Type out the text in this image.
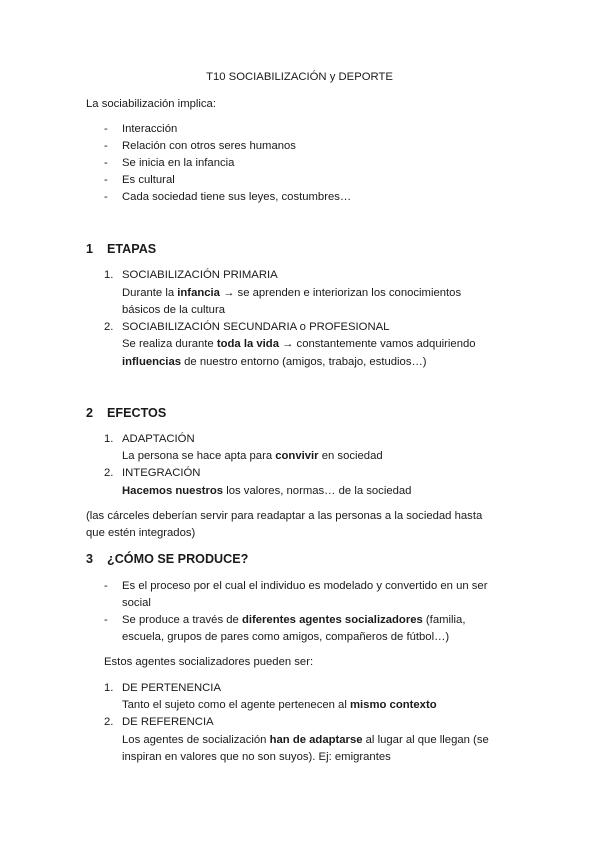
T10 SOCIABILIZACIÓN y DEPORTE
La sociabilización implica:
- Interacción
- Relación con otros seres humanos
- Se inicia en la infancia
- Es cultural
- Cada sociedad tiene sus leyes, costumbres…
1 ETAPAS
1. SOCIABILIZACIÓN PRIMARIA
Durante la infancia → se aprenden e interiorizan los conocimientos
básicos de la cultura
2. SOCIABILIZACIÓN SECUNDARIA o PROFESIONAL
Se realiza durante toda la vida → constantemente vamos adquiriendo
influencias de nuestro entorno (amigos, trabajo, estudios…)
2 EFECTOS
1. ADAPTACIÓN
La persona se hace apta para convivir en sociedad
2. INTEGRACIÓN
Hacemos nuestros los valores, normas… de la sociedad
(las cárceles deberían servir para readaptar a las personas a la sociedad hasta
que estén integrados)
3 ¿CÓMO SE PRODUCE?
- Es el proceso por el cual el individuo es modelado y convertido en un ser
social
- Se produce a través de diferentes agentes socializadores (familia,
escuela, grupos de pares como amigos, compañeros de fútbol…)
Estos agentes socializadores pueden ser:
1. DE PERTENENCIA
Tanto el sujeto como el agente pertenecen al mismo contexto
2. DE REFERENCIA
Los agentes de socialización han de adaptarse al lugar al que llegan (se
inspiran en valores que no son suyos). Ej: emigrantes
